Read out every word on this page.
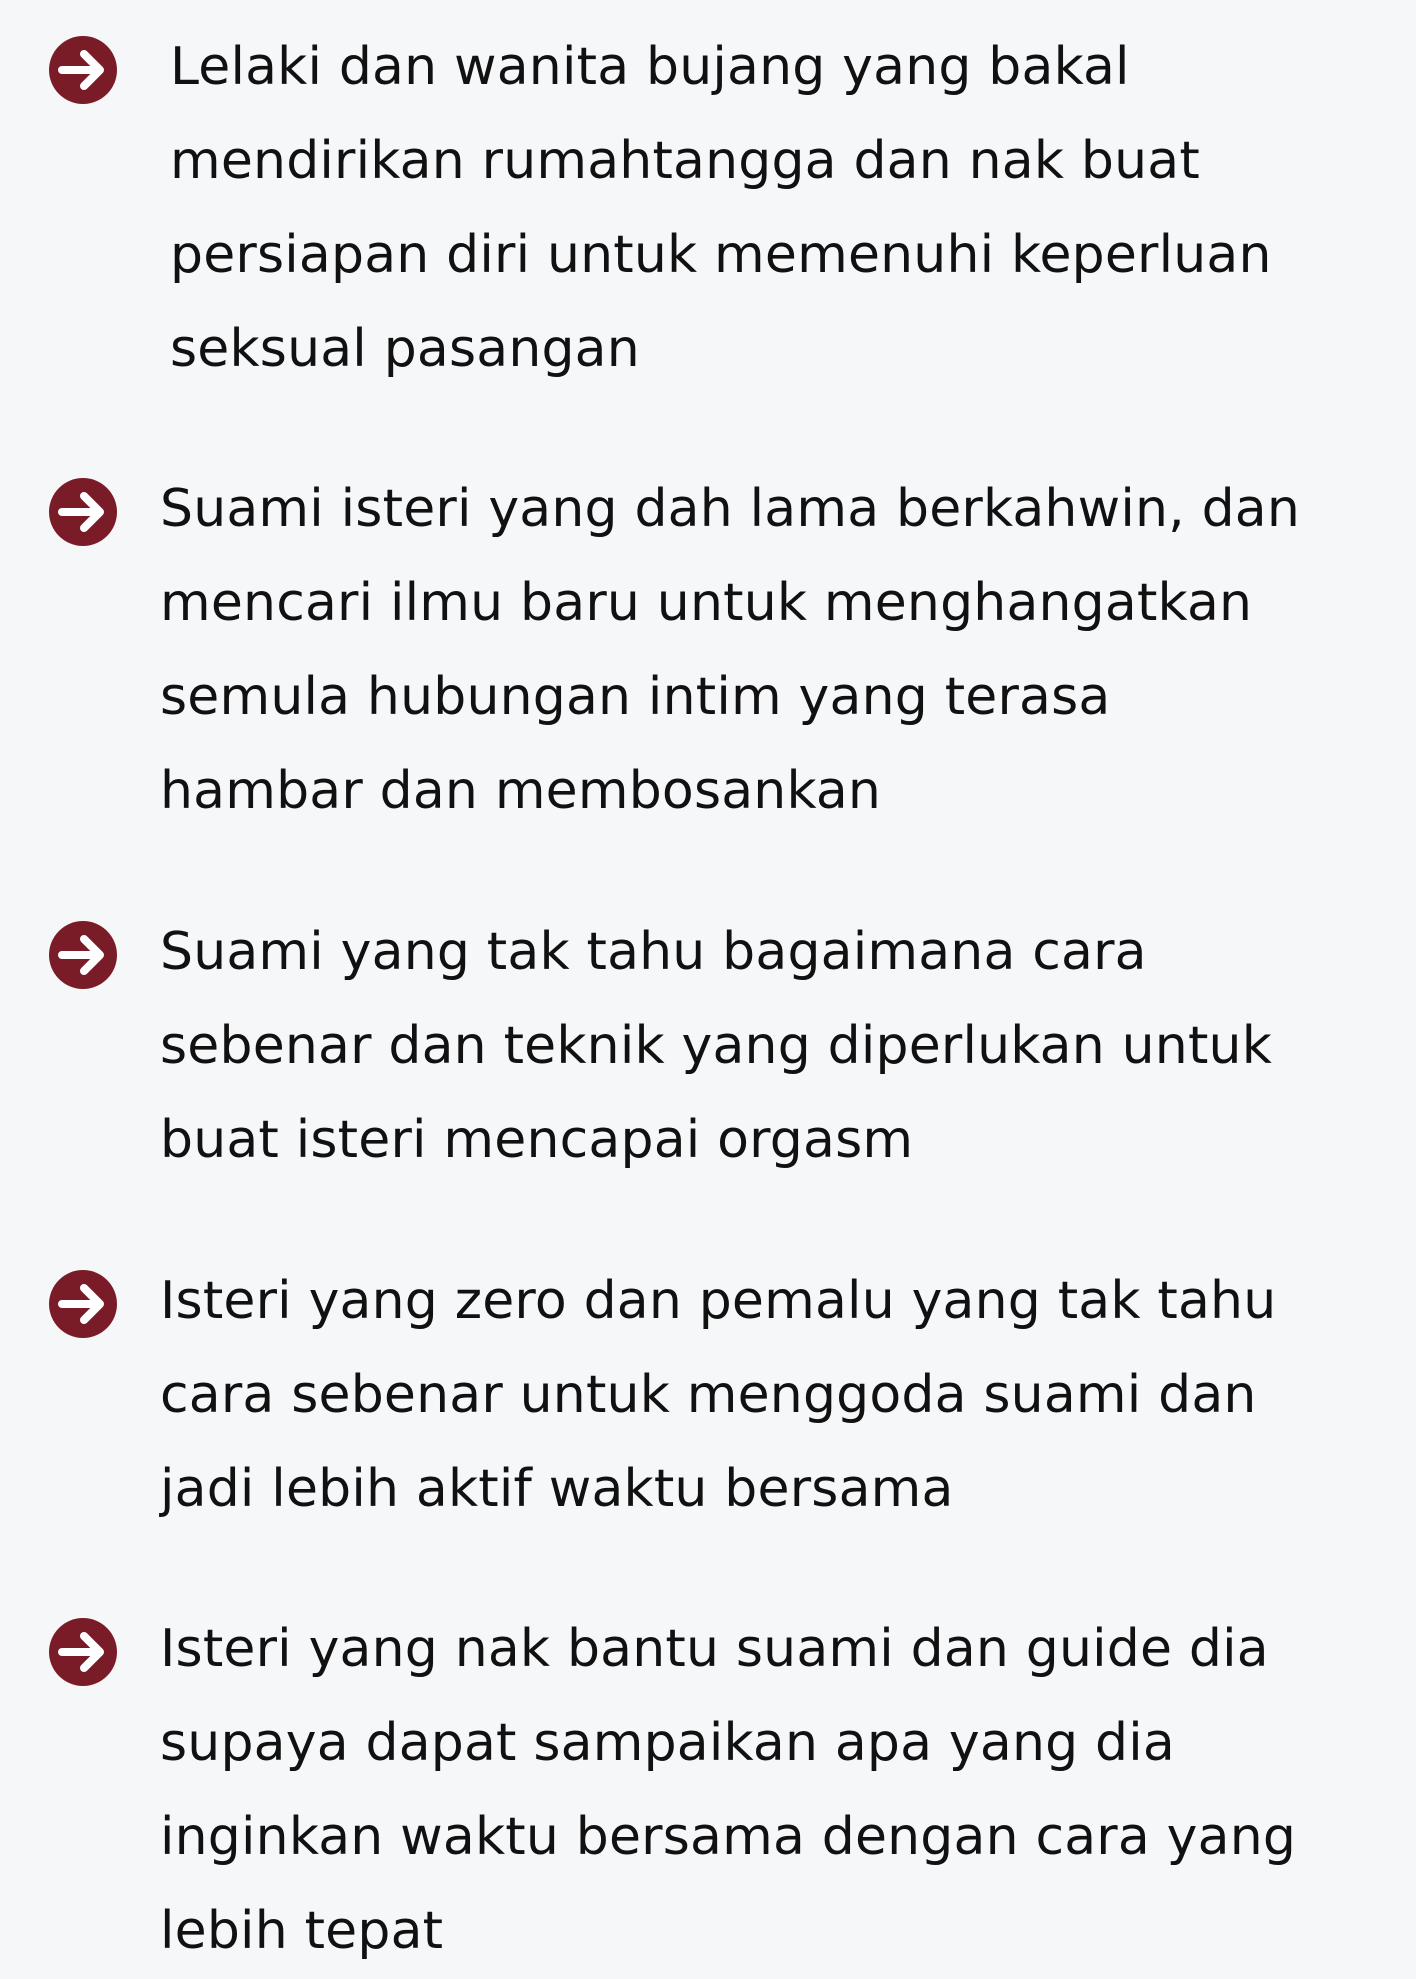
Lelaki dan wanita bujang yang bakal
mendirikan rumahtangga dan nak buat
persiapan diri untuk memenuhi keperluan
seksual pasangan
Suami isteri yang dah lama berkahwin, dan
mencari ilmu baru untuk menghangatkan
semula hubungan intim yang terasa
hambar dan membosankan
Suami yang tak tahu bagaimana cara
sebenar dan teknik yang diperlukan untuk
buat isteri mencapai orgasm
Isteri yang zero dan pemalu yang tak tahu
cara sebenar untuk menggoda suami dan
jadi lebih aktif waktu bersama
Isteri yang nak bantu suami dan guide dia
supaya dapat sampaikan apa yang dia
inginkan waktu bersama dengan cara yang
lebih tepat
